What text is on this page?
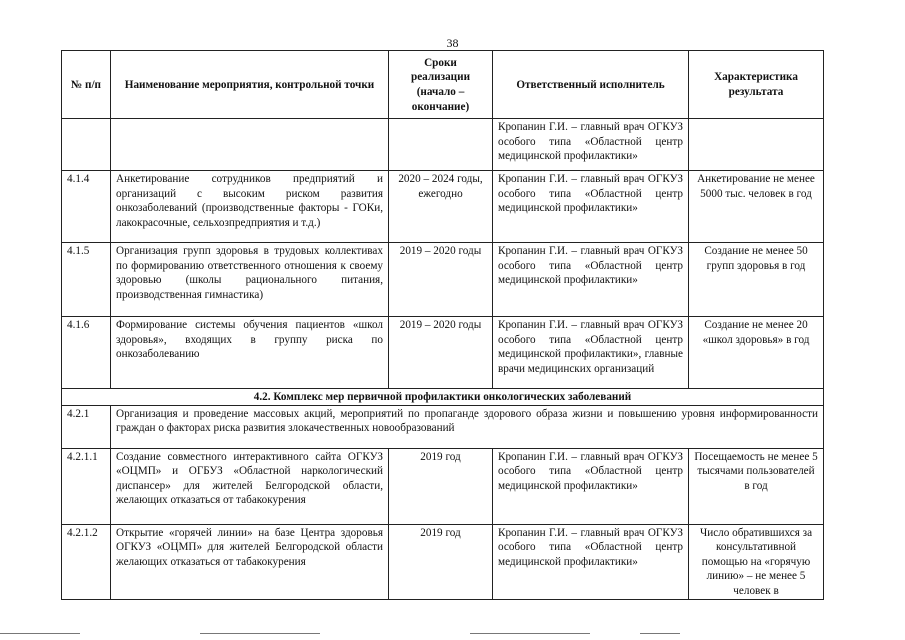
38
№ п/п	Наименование мероприятия, контрольной точки	Сроки реализации (начало – окончание)	Ответственный исполнитель	Характеристика результата
			Кропанин Г.И. – главный врач ОГКУЗ особого типа «Областной центр медицинской профилактики»	
4.1.4	Анкетирование сотрудников предприятий и организаций с высоким риском развития онкозаболеваний (производственные факторы - ГОКи, лакокрасочные, сельхозпредприятия и т.д.)	2020 – 2024 годы, ежегодно	Кропанин Г.И. – главный врач ОГКУЗ особого типа «Областной центр медицинской профилактики»	Анкетирование не менее 5000 тыс. человек в год
4.1.5	Организация групп здоровья в трудовых коллективах по формированию ответственного отношения к своему здоровью (школы рационального питания, производственная гимнастика)	2019 – 2020 годы	Кропанин Г.И. – главный врач ОГКУЗ особого типа «Областной центр медицинской профилактики»	Создание не менее 50 групп здоровья в год
4.1.6	Формирование системы обучения пациентов «школ здоровья», входящих в группу риска по онкозаболеванию	2019 – 2020 годы	Кропанин Г.И. – главный врач ОГКУЗ особого типа «Областной центр медицинской профилактики», главные врачи медицинских организаций	Создание не менее 20 «школ здоровья» в год
4.2. Комплекс мер первичной профилактики онкологических заболеваний				
4.2.1	Организация и проведение массовых акций, мероприятий по пропаганде здорового образа жизни и повышению уровня информированности граждан о факторах риска развития злокачественных новообразований			
4.2.1.1	Создание совместного интерактивного сайта ОГКУЗ «ОЦМП» и ОГБУЗ «Областной наркологический диспансер» для жителей Белгородской области, желающих отказаться от табакокурения	2019 год	Кропанин Г.И. – главный врач ОГКУЗ особого типа «Областной центр медицинской профилактики»	Посещаемость не менее 5 тысячами пользователей в год
4.2.1.2	Открытие «горячей линии» на базе Центра здоровья ОГКУЗ «ОЦМП» для жителей Белгородской области желающих отказаться от табакокурения	2019 год	Кропанин Г.И. – главный врач ОГКУЗ особого типа «Областной центр медицинской профилактики»	Число обратившихся за консультативной помощью на «горячую линию» – не менее 5 человек в
